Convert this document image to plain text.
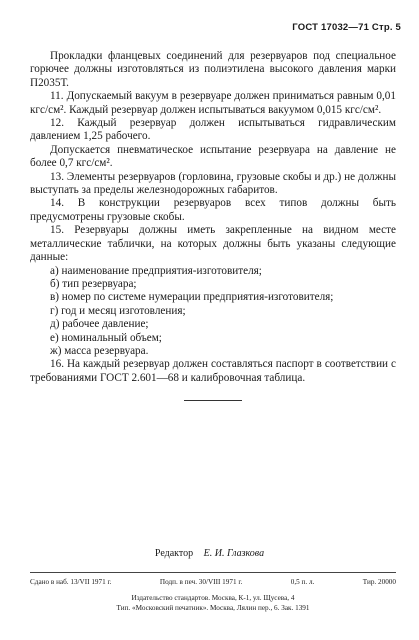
ГОСТ 17032—71 Стр. 5

Прокладки фланцевых соединений для резервуаров под специальное горючее должны изготовляться из полиэтилена высокого давления марки П2035Т.

11. Допускаемый вакуум в резервуаре должен приниматься равным 0,01 кгс/см². Каждый резервуар должен испытываться вакуумом 0,015 кгс/см².

12. Каждый резервуар должен испытываться гидравлическим давлением 1,25 рабочего.

Допускается пневматическое испытание резервуара на давление не более 0,7 кгс/см².

13. Элементы резервуаров (горловина, грузовые скобы и др.) не должны выступать за пределы железнодорожных габаритов.

14. В конструкции резервуаров всех типов должны быть предусмотрены грузовые скобы.

15. Резервуары должны иметь закрепленные на видном месте металлические таблички, на которых должны быть указаны следующие данные:

а) наименование предприятия-изготовителя;

б) тип резервуара;

в) номер по системе нумерации предприятия-изготовителя;

г) год и месяц изготовления;

д) рабочее давление;

е) номинальный объем;

ж) масса резервуара.

16. На каждый резервуар должен составляться паспорт в соответствии с требованиями ГОСТ 2.601—68 и калибровочная таблица.

Редактор Е. И. Глазкова
Сдано в наб. 13/VII 1971 г.	Подп. в печ. 30/VIII 1971 г.	0,5 п. л.	Тир. 20000
Издательство стандартов. Москва, К-1, ул. Щусева, 4
Тип. «Московский печатник». Москва, Лялин пер., 6. Зак. 1391
